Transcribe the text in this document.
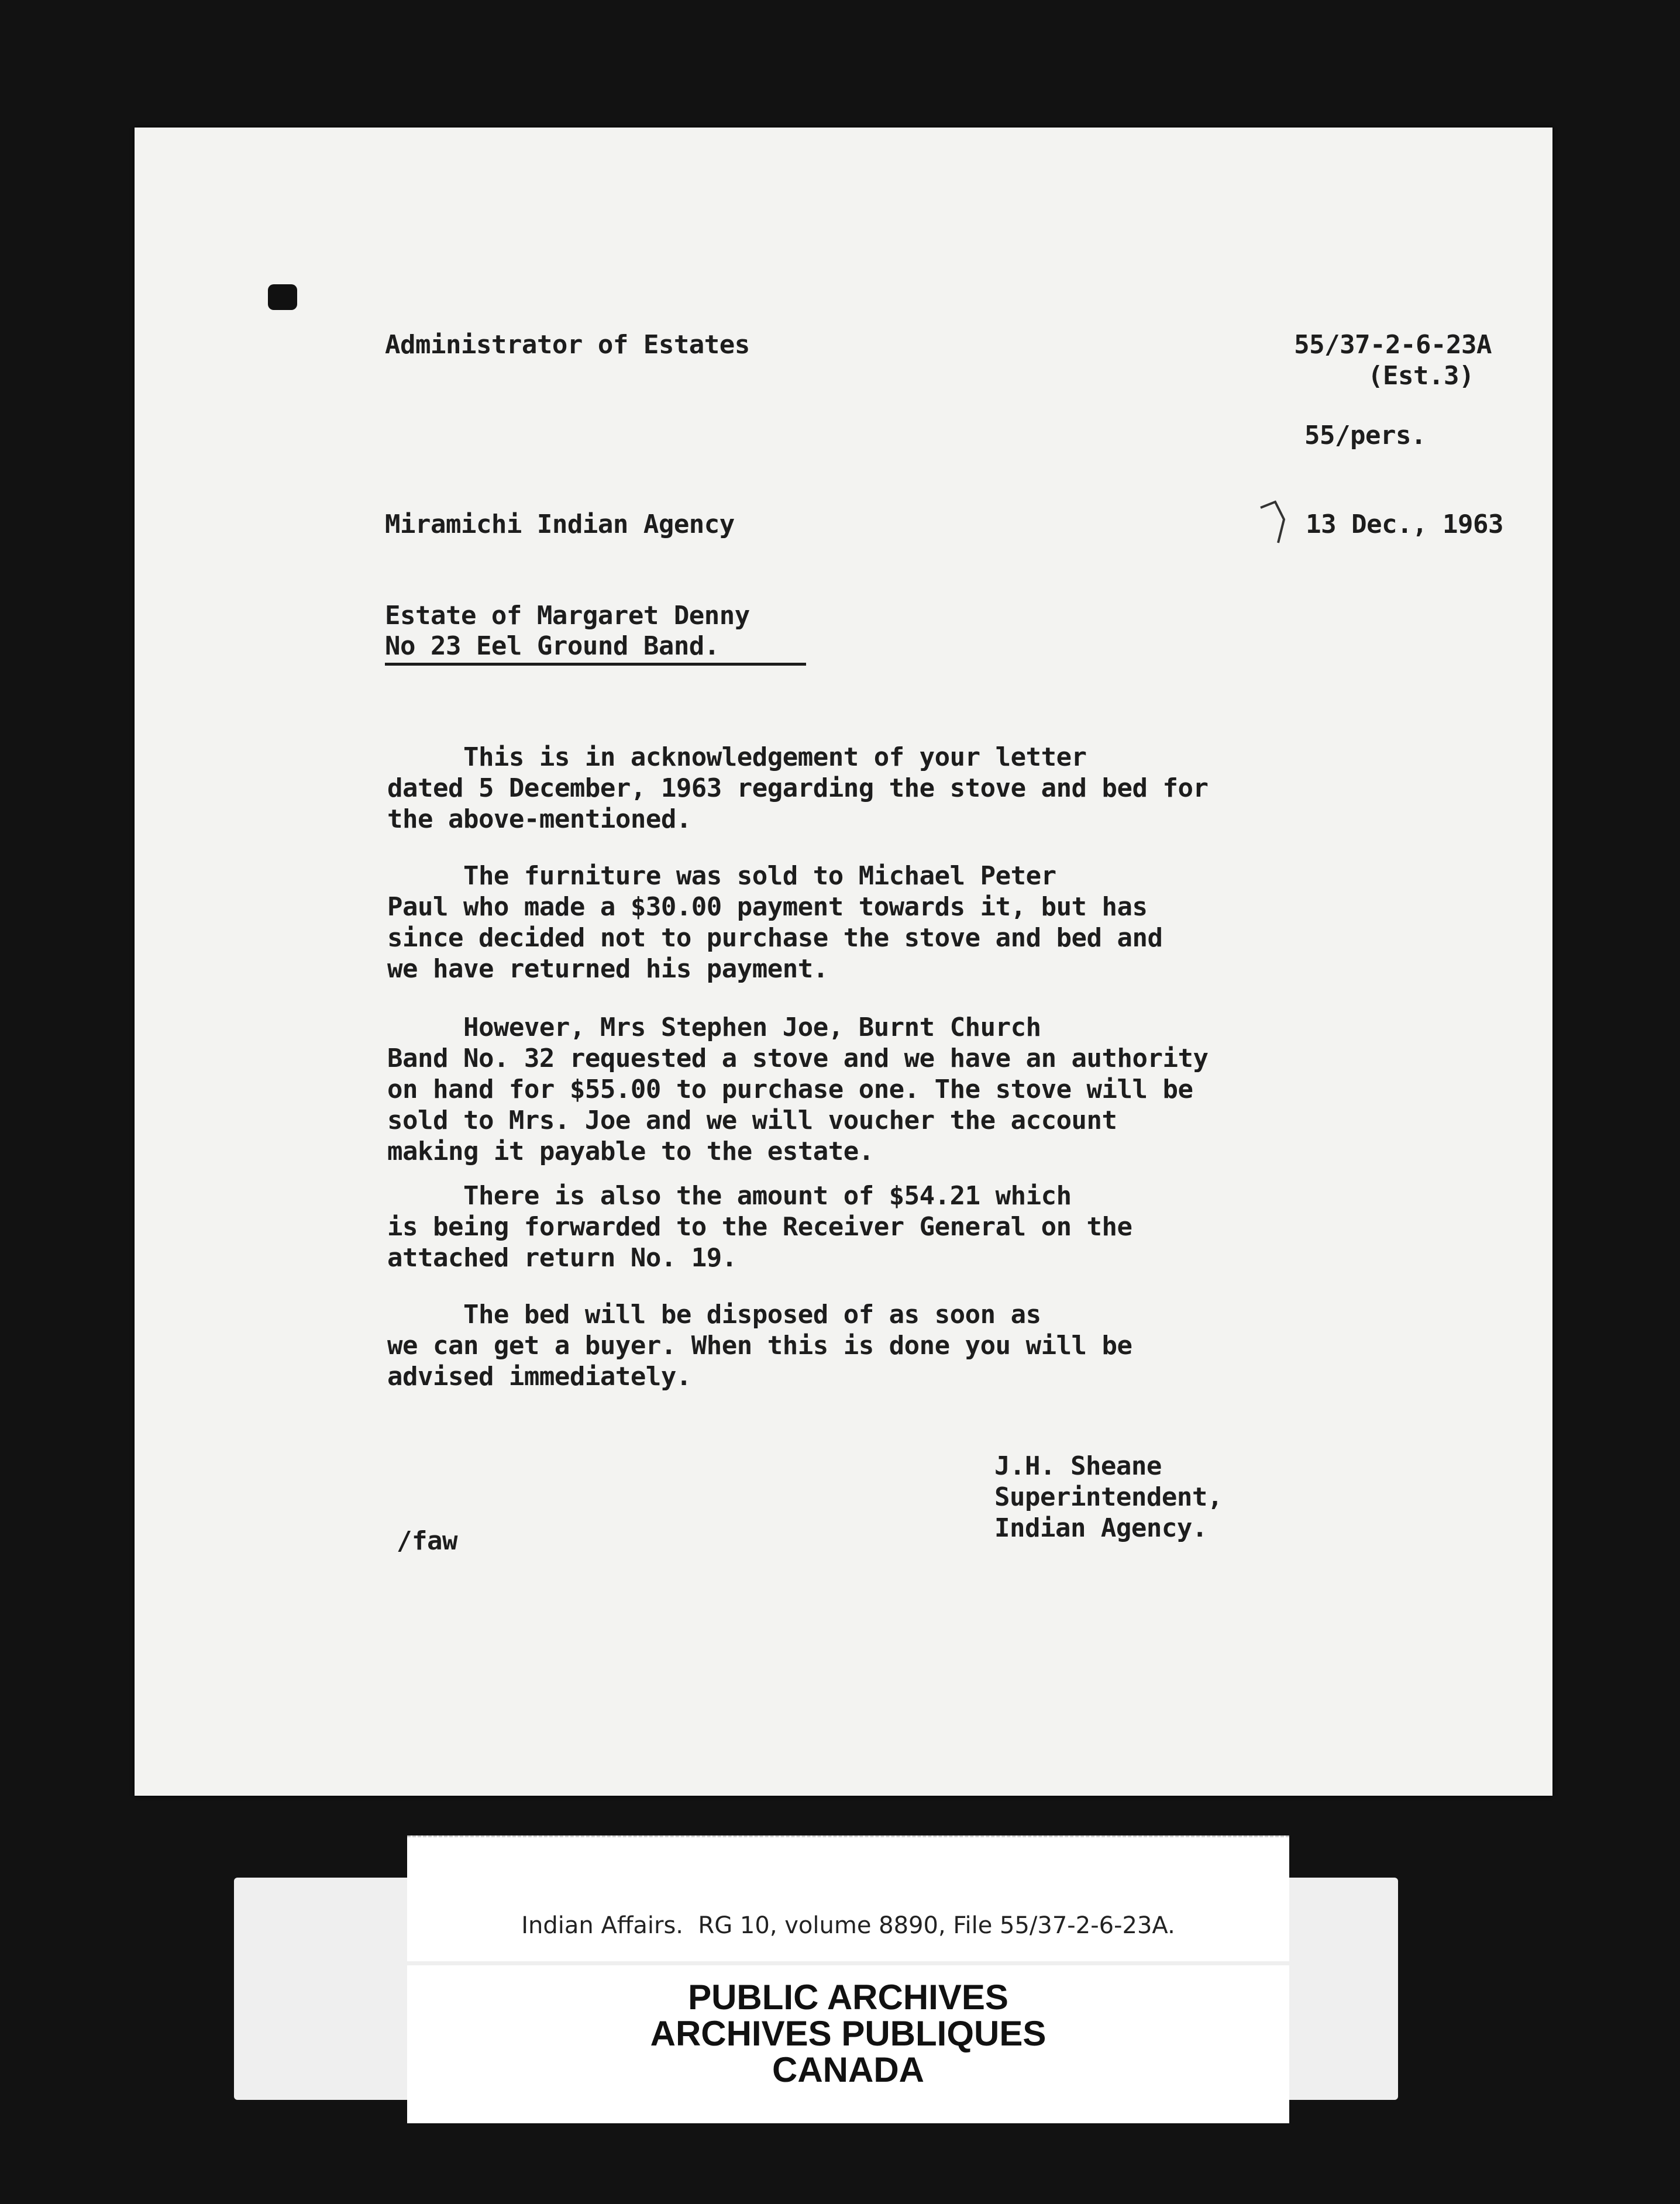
Administrator of Estates	55/37-2-6-23A
(Est.3)
55/pers.
Miramichi Indian Agency	13 Dec., 1963
Estate of Margaret Denny
No 23 Eel Ground Band.
This is in acknowledgement of your letter
dated 5 December, 1963 regarding the stove and bed for
the above-mentioned.
The furniture was sold to Michael Peter
Paul who made a $30.00 payment towards it, but has
since decided not to purchase the stove and bed and
we have returned his payment.
However, Mrs Stephen Joe, Burnt Church
Band No. 32 requested a stove and we have an authority
on hand for $55.00 to purchase one. The stove will be
sold to Mrs. Joe and we will voucher the account
making it payable to the estate.
There is also the amount of $54.21 which
is being forwarded to the Receiver General on the
attached return No. 19.
The bed will be disposed of as soon as
we can get a buyer. When this is done you will be
advised immediately.
J.H. Sheane
Superintendent,
Indian Agency.
/faw
Indian Affairs.  RG 10, volume 8890, File 55/37-2-6-23A.
PUBLIC ARCHIVES
ARCHIVES PUBLIQUES
CANADA
